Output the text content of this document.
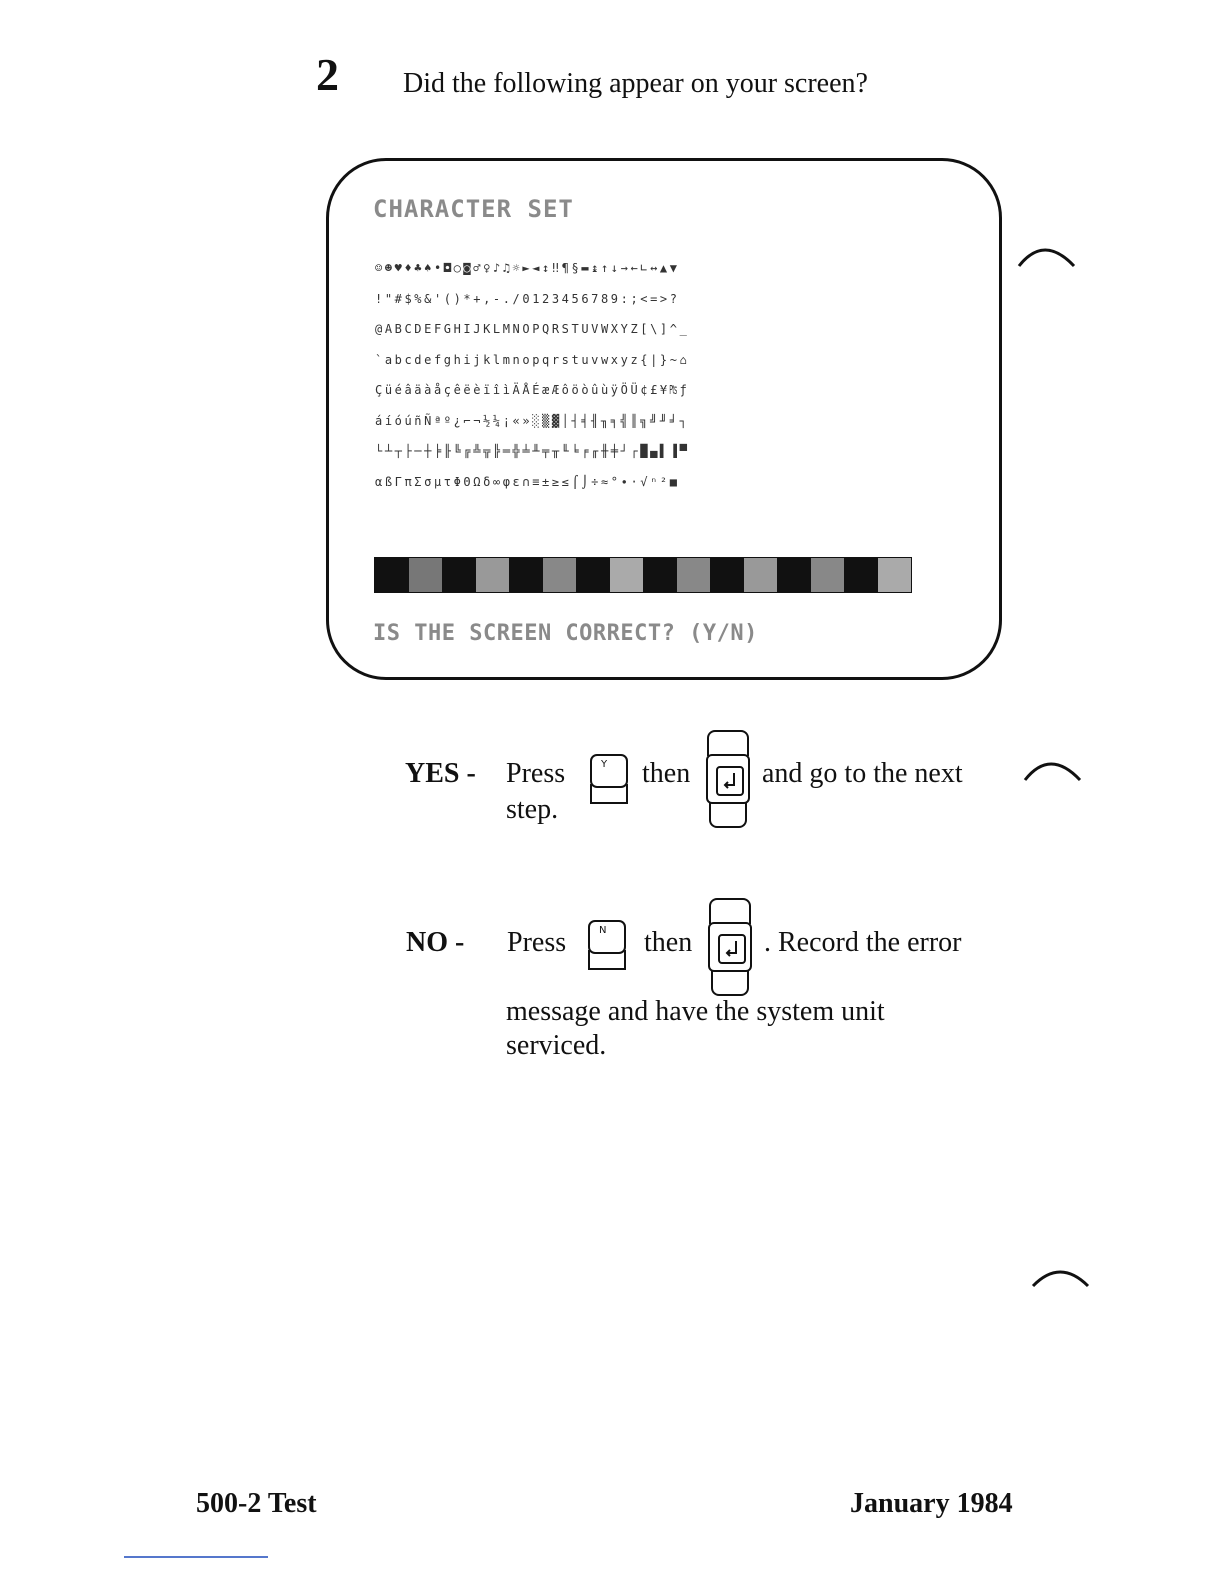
2 Did the following appear on your screen?
CHARACTER SET
☺☻♥♦♣♠•◘○◙♂♀♪♫☼►◄↕‼¶§▬↨↑↓→←∟↔▲▼
!"#$%&'()*+,-./0123456789:;<=>?
@ABCDEFGHIJKLMNOPQRSTUVWXYZ[\]^_
`abcdefghijklmnopqrstuvwxyz{|}~⌂
ÇüéâäàåçêëèïîìÄÅÉæÆôöòûùÿÖÜ¢£¥₧ƒ
áíóúñÑªº¿⌐¬½¼¡«»░▒▓│┤╡╢╖╕╣║╗╝╜╛┐
└┴┬├─┼╞╟╚╔╩╦╠═╬╧╨╤╥╙╘╒╓╫╪┘┌█▄▌▐▀
αßΓπΣσµτΦΘΩδ∞φε∩≡±≥≤⌠⌡÷≈°∙·√ⁿ²■
IS THE SCREEN CORRECT? (Y/N)
YES - Press	Y then	and go to the next
step.
NO - Press	N then	. Record the error
message and have the system unit
serviced.
500-2 Test	January 1984
